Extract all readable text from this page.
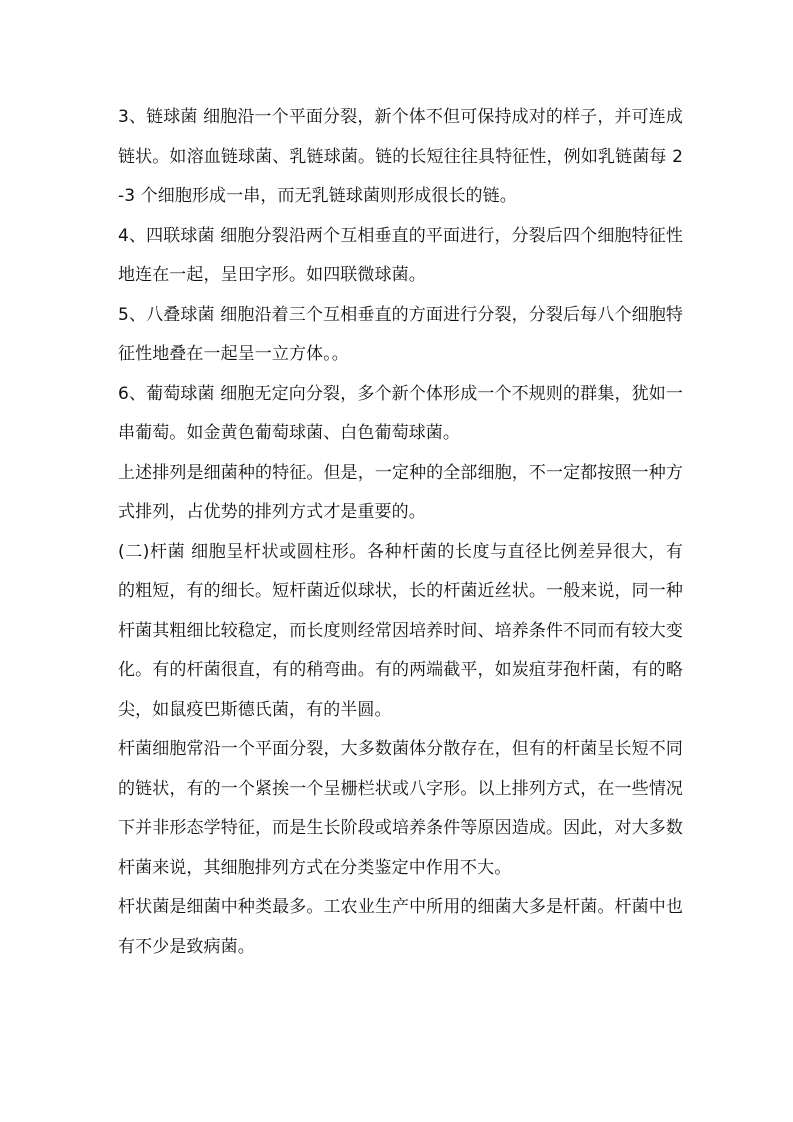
3、链球菌 细胞沿一个平面分裂，新个体不但可保持成对的样子，并可连成链状。如溶血链球菌、乳链球菌。链的长短往往具特征性，例如乳链菌每 2-3 个细胞形成一串，而无乳链球菌则形成很长的链。

4、四联球菌 细胞分裂沿两个互相垂直的平面进行，分裂后四个细胞特征性地连在一起，呈田字形。如四联微球菌。

5、八叠球菌 细胞沿着三个互相垂直的方面进行分裂，分裂后每八个细胞特征性地叠在一起呈一立方体。。

6、葡萄球菌 细胞无定向分裂，多个新个体形成一个不规则的群集，犹如一串葡萄。如金黄色葡萄球菌、白色葡萄球菌。

上述排列是细菌种的特征。但是，一定种的全部细胞，不一定都按照一种方式排列，占优势的排列方式才是重要的。

(二)杆菌 细胞呈杆状或圆柱形。各种杆菌的长度与直径比例差异很大，有的粗短，有的细长。短杆菌近似球状，长的杆菌近丝状。一般来说，同一种杆菌其粗细比较稳定，而长度则经常因培养时间、培养条件不同而有较大变化。有的杆菌很直，有的稍弯曲。有的两端截平，如炭疽芽孢杆菌，有的略尖，如鼠疫巴斯德氏菌，有的半圆。

杆菌细胞常沿一个平面分裂，大多数菌体分散存在，但有的杆菌呈长短不同的链状，有的一个紧挨一个呈栅栏状或八字形。以上排列方式，在一些情况下并非形态学特征，而是生长阶段或培养条件等原因造成。因此，对大多数杆菌来说，其细胞排列方式在分类鉴定中作用不大。

杆状菌是细菌中种类最多。工农业生产中所用的细菌大多是杆菌。杆菌中也有不少是致病菌。
